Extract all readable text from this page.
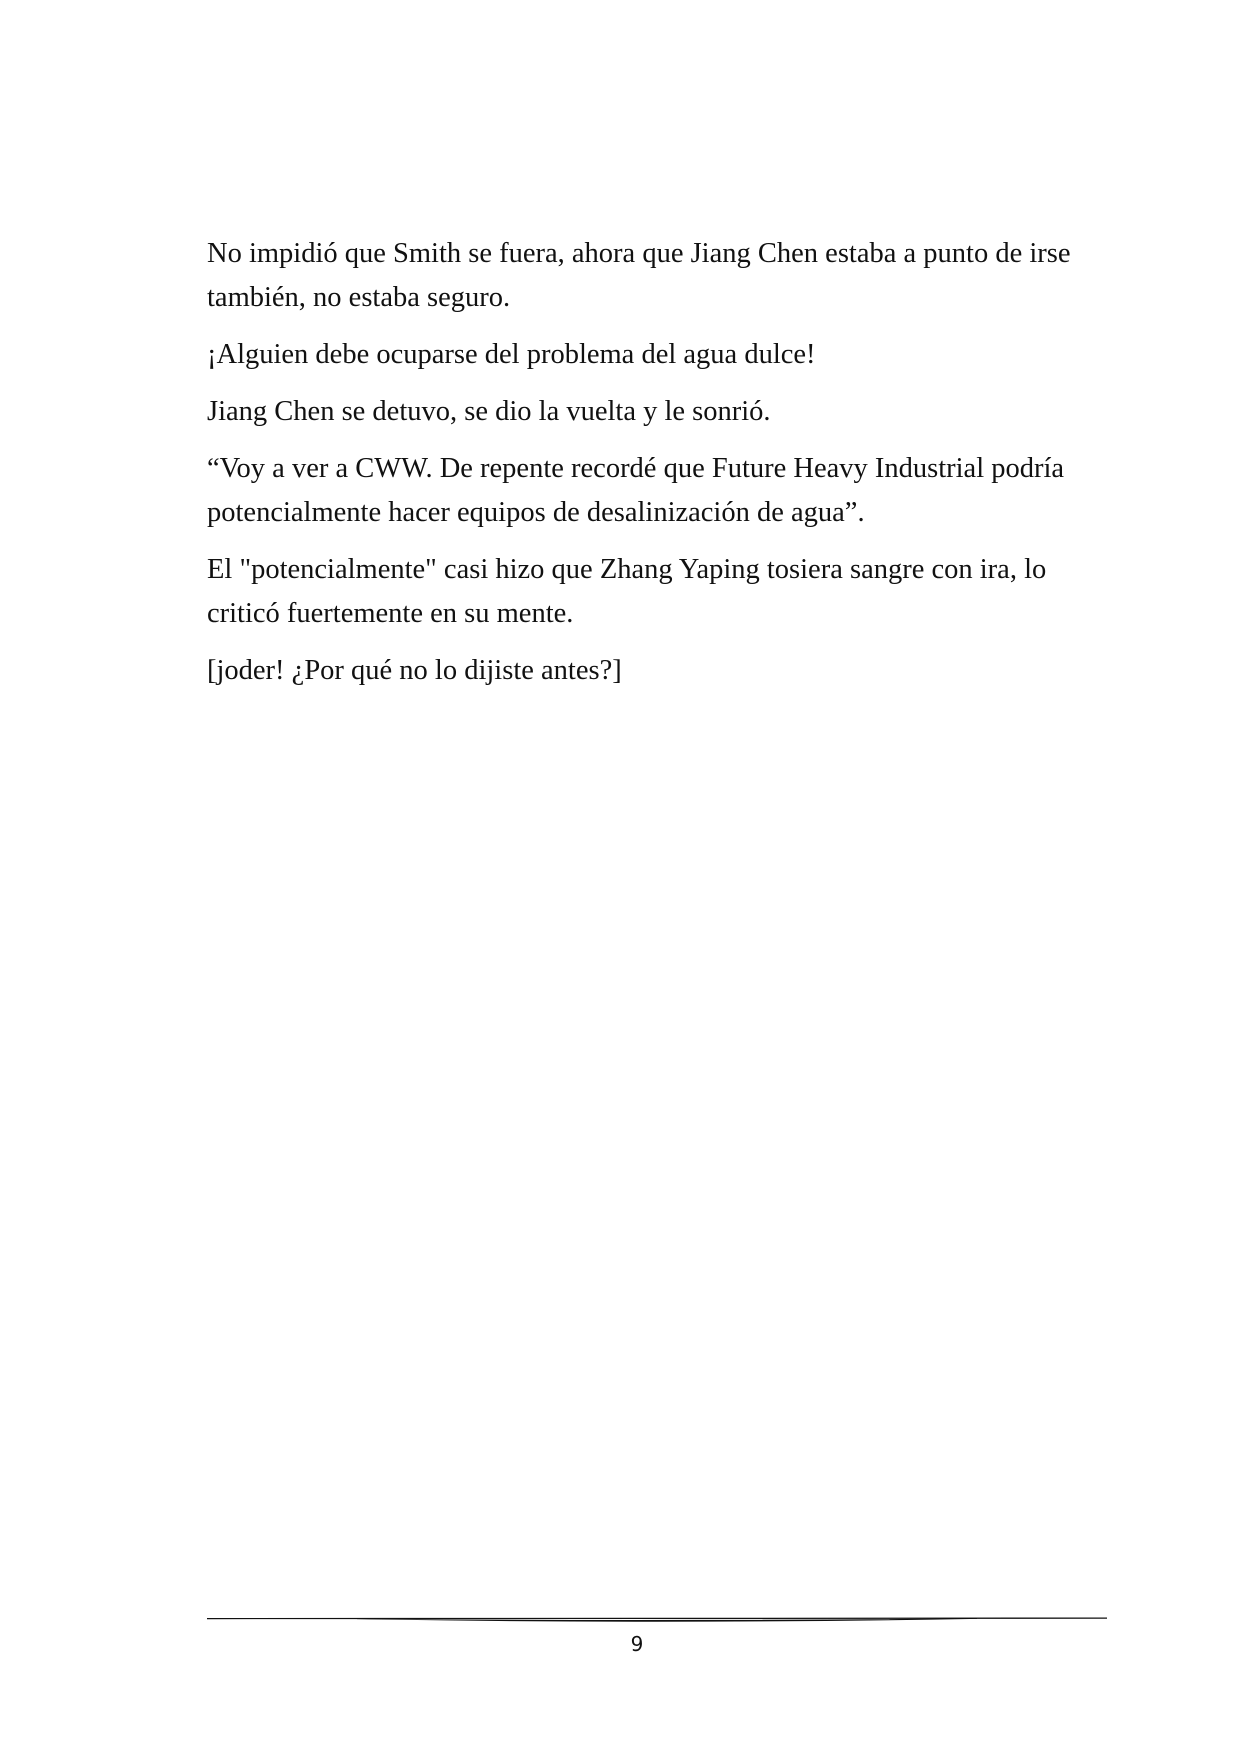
No impidió que Smith se fuera, ahora que Jiang Chen estaba a punto de irse también, no estaba seguro.

¡Alguien debe ocuparse del problema del agua dulce!

Jiang Chen se detuvo, se dio la vuelta y le sonrió.

“Voy a ver a CWW. De repente recordé que Future Heavy Industrial podría potencialmente hacer equipos de desalinización de agua”.

El "potencialmente" casi hizo que Zhang Yaping tosiera sangre con ira, lo criticó fuertemente en su mente.

[joder! ¿Por qué no lo dijiste antes?]

9
